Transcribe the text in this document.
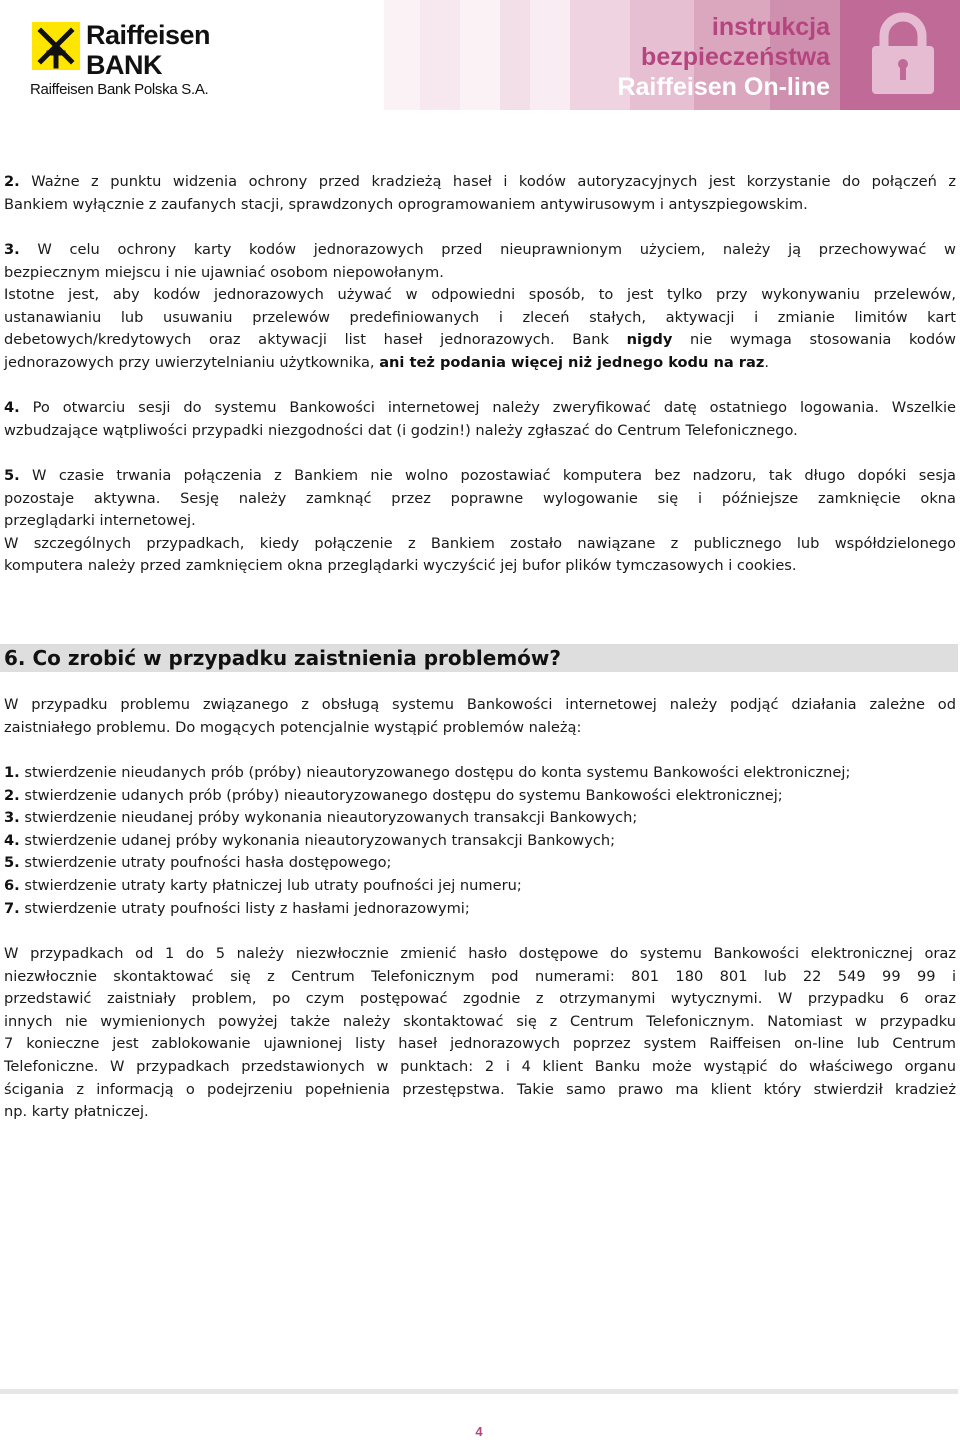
Raiffeisen

BANK

Raiffeisen Bank Polska S.A.

instrukcja
bezpieczeństwa
Raiffeisen On-line
2. Ważne z punktu widzenia ochrony przed kradzieżą haseł i kodów autoryzacyjnych jest korzystanie do połączeń z
Bankiem wyłącznie z zaufanych stacji, sprawdzonych oprogramowaniem antywirusowym i antyszpiegowskim.
3. W celu ochrony karty kodów jednorazowych przed nieuprawnionym użyciem, należy ją przechowywać w
bezpiecznym miejscu i nie ujawniać osobom niepowołanym.
Istotne jest, aby kodów jednorazowych używać w odpowiedni sposób, to jest tylko przy wykonywaniu przelewów,
ustanawianiu lub usuwaniu przelewów predefiniowanych i zleceń stałych, aktywacji i zmianie limitów kart
debetowych/kredytowych oraz aktywacji list haseł jednorazowych. Bank nigdy nie wymaga stosowania kodów
jednorazowych przy uwierzytelnianiu użytkownika, ani też podania więcej niż jednego kodu na raz.
4. Po otwarciu sesji do systemu Bankowości internetowej należy zweryfikować datę ostatniego logowania. Wszelkie
wzbudzające wątpliwości przypadki niezgodności dat (i godzin!) należy zgłaszać do Centrum Telefonicznego.
5. W czasie trwania połączenia z Bankiem nie wolno pozostawiać komputera bez nadzoru, tak długo dopóki sesja
pozostaje aktywna. Sesję należy zamknąć przez poprawne wylogowanie się i późniejsze zamknięcie okna
przeglądarki internetowej.
W szczególnych przypadkach, kiedy połączenie z Bankiem zostało nawiązane z publicznego lub współdzielonego
komputera należy przed zamknięciem okna przeglądarki wyczyścić jej bufor plików tymczasowych i cookies.
6. Co zrobić w przypadku zaistnienia problemów?
W przypadku problemu związanego z obsługą systemu Bankowości internetowej należy podjąć działania zależne od
zaistniałego problemu. Do mogących potencjalnie wystąpić problemów należą:
1. stwierdzenie nieudanych prób (próby) nieautoryzowanego dostępu do konta systemu Bankowości elektronicznej;
2. stwierdzenie udanych prób (próby) nieautoryzowanego dostępu do systemu Bankowości elektronicznej;
3. stwierdzenie nieudanej próby wykonania nieautoryzowanych transakcji Bankowych;
4. stwierdzenie udanej próby wykonania nieautoryzowanych transakcji Bankowych;
5. stwierdzenie utraty poufności hasła dostępowego;
6. stwierdzenie utraty karty płatniczej lub utraty poufności jej numeru;
7. stwierdzenie utraty poufności listy z hasłami jednorazowymi;
W przypadkach od 1 do 5 należy niezwłocznie zmienić hasło dostępowe do systemu Bankowości elektronicznej oraz
niezwłocznie skontaktować się z Centrum Telefonicznym pod numerami: 801 180 801 lub 22 549 99 99 i
przedstawić zaistniały problem, po czym postępować zgodnie z otrzymanymi wytycznymi. W przypadku 6 oraz
innych nie wymienionych powyżej także należy skontaktować się z Centrum Telefonicznym. Natomiast w przypadku
7 konieczne jest zablokowanie ujawnionej listy haseł jednorazowych poprzez system Raiffeisen on-line lub Centrum
Telefoniczne. W przypadkach przedstawionych w punktach: 2 i 4 klient Banku może wystąpić do właściwego organu
ścigania z informacją o podejrzeniu popełnienia przestępstwa. Takie samo prawo ma klient który stwierdził kradzież
np. karty płatniczej.
4
